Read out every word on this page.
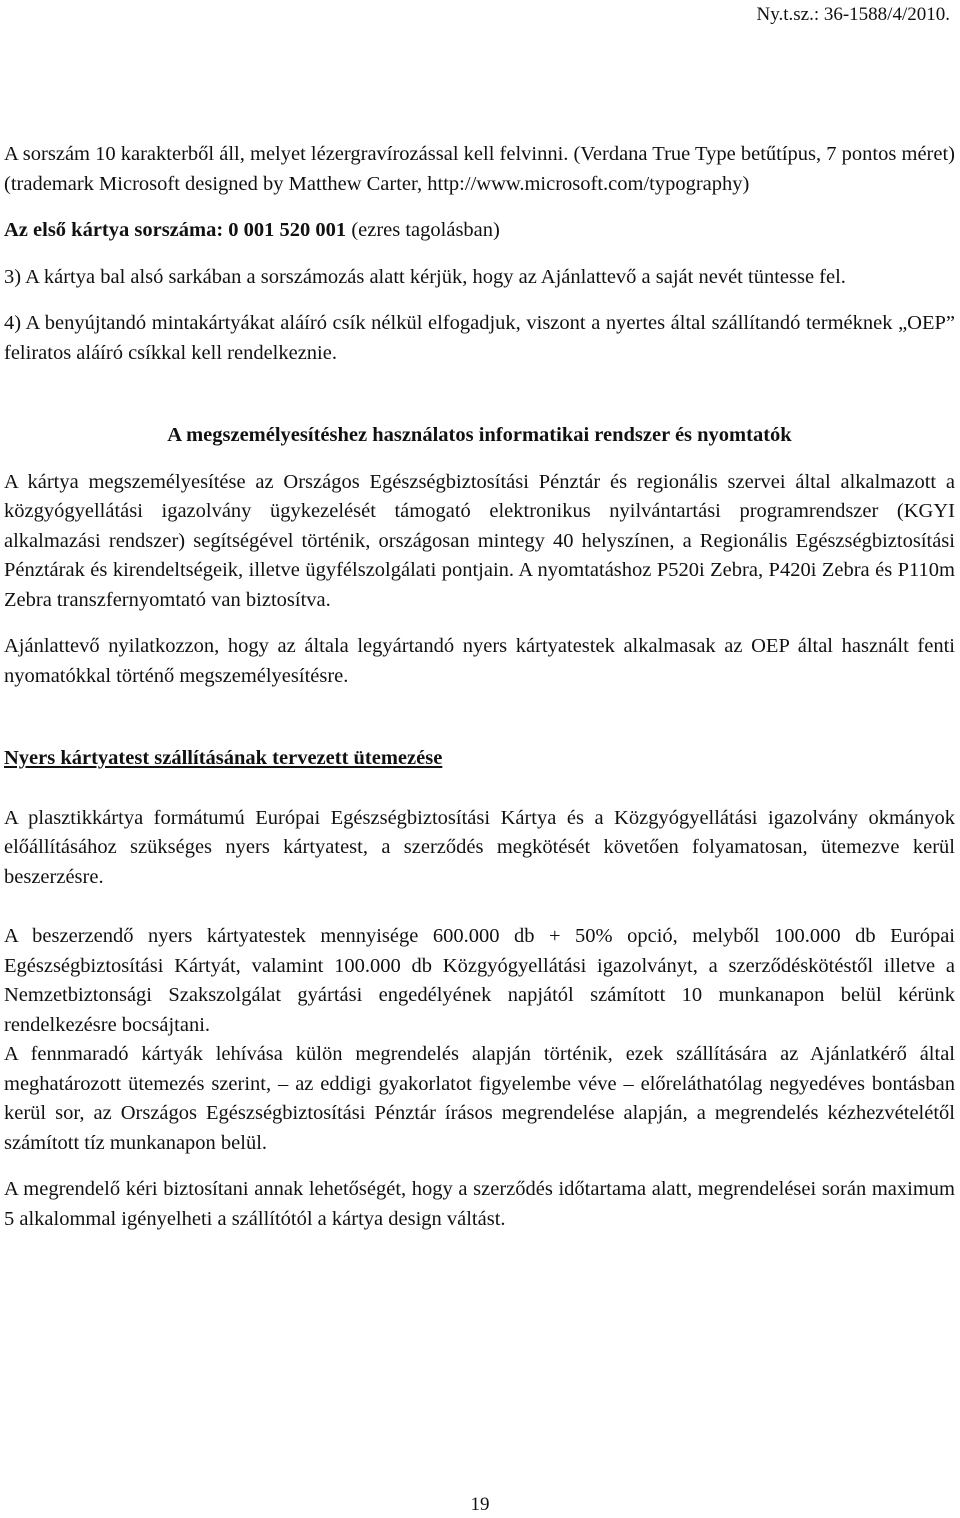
Ny.t.sz.: 36-1588/4/2010.

A sorszám 10 karakterből áll, melyet lézergravírozással kell felvinni. (Verdana True Type betűtípus, 7 pontos méret) (trademark Microsoft designed by Matthew Carter, http://www.microsoft.com/typography)

Az első kártya sorszáma: 0 001 520 001 (ezres tagolásban)

3) A kártya bal alsó sarkában a sorszámozás alatt kérjük, hogy az Ajánlattevő a saját nevét tüntesse fel.

4) A benyújtandó mintakártyákat aláíró csík nélkül elfogadjuk, viszont a nyertes által szállítandó terméknek „OEP” feliratos aláíró csíkkal kell rendelkeznie.

A megszemélyesítéshez használatos informatikai rendszer és nyomtatók

A kártya megszemélyesítése az Országos Egészségbiztosítási Pénztár és regionális szervei által alkalmazott a közgyógyellátási igazolvány ügykezelését támogató elektronikus nyilvántartási programrendszer (KGYI alkalmazási rendszer) segítségével történik, országosan mintegy 40 helyszínen, a Regionális Egészségbiztosítási Pénztárak és kirendeltségeik, illetve ügyfélszolgálati pontjain. A nyomtatáshoz P520i Zebra, P420i Zebra és P110m Zebra transzfernyomtató van biztosítva.

Ajánlattevő nyilatkozzon, hogy az általa legyártandó nyers kártyatestek alkalmasak az OEP által használt fenti nyomatókkal történő megszemélyesítésre.

Nyers kártyatest szállításának tervezett ütemezése

A plasztikkártya formátumú Európai Egészségbiztosítási Kártya és a Közgyógyellátási igazolvány okmányok előállításához szükséges nyers kártyatest, a szerződés megkötését követően folyamatosan, ütemezve kerül beszerzésre.

A beszerzendő nyers kártyatestek mennyisége 600.000 db + 50% opció, melyből 100.000 db Európai Egészségbiztosítási Kártyát, valamint 100.000 db Közgyógyellátási igazolványt, a szerződéskötéstől illetve a Nemzetbiztonsági Szakszolgálat gyártási engedélyének napjától számított 10 munkanapon belül kérünk rendelkezésre bocsájtani.

A fennmaradó kártyák lehívása külön megrendelés alapján történik, ezek szállítására az Ajánlatkérő által meghatározott ütemezés szerint, – az eddigi gyakorlatot figyelembe véve – előreláthatólag negyedéves bontásban kerül sor, az Országos Egészségbiztosítási Pénztár írásos megrendelése alapján, a megrendelés kézhezvételétől számított tíz munkanapon belül.

A megrendelő kéri biztosítani annak lehetőségét, hogy a szerződés időtartama alatt, megrendelései során maximum 5 alkalommal igényelheti a szállítótól a kártya design váltást.

19
